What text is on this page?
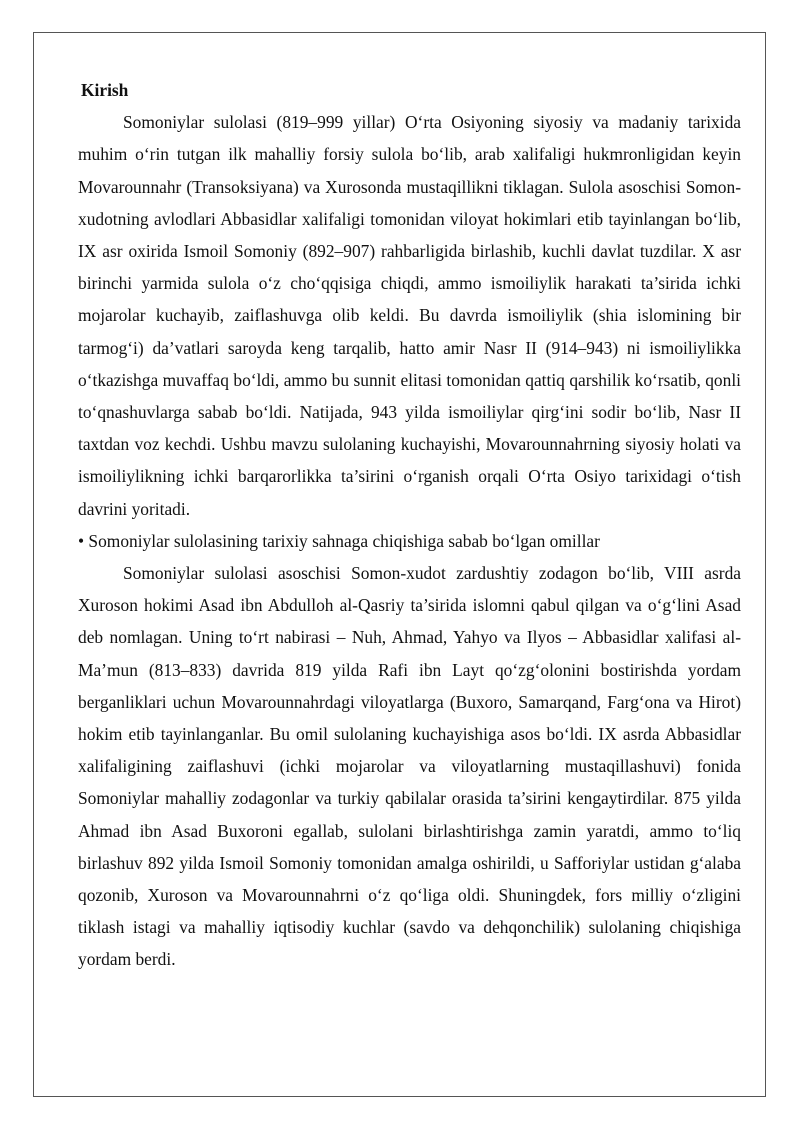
Kirish

Somoniylar sulolasi (819–999 yillar) O‘rta Osiyoning siyosiy va madaniy tarixida muhim o‘rin tutgan ilk mahalliy forsiy sulola bo‘lib, arab xalifaligi hukmronligidan keyin Movarounnahr (Transoksiyana) va Xurosonda mustaqillikni tiklagan. Sulola asoschisi Somon-xudotning avlodlari Abbasidlar xalifaligi tomonidan viloyat hokimlari etib tayinlangan bo‘lib, IX asr oxirida Ismoil Somoniy (892–907) rahbarligida birlashib, kuchli davlat tuzdilar. X asr birinchi yarmida sulola o‘z cho‘qqisiga chiqdi, ammo ismoiliylik harakati ta’sirida ichki mojarolar kuchayib, zaiflashuvga olib keldi. Bu davrda ismoiliylik (shia islomining bir tarmog‘i) da’vatlari saroyda keng tarqalib, hatto amir Nasr II (914–943) ni ismoiliylikka o‘tkazishga muvaffaq bo‘ldi, ammo bu sunnit elitasi tomonidan qattiq qarshilik ko‘rsatib, qonli to‘qnashuvlarga sabab bo‘ldi. Natijada, 943 yilda ismoiliylar qirg‘ini sodir bo‘lib, Nasr II taxtdan voz kechdi. Ushbu mavzu sulolaning kuchayishi, Movarounnahrning siyosiy holati va ismoiliylikning ichki barqarorlikka ta’sirini o‘rganish orqali O‘rta Osiyo tarixidagi o‘tish davrini yoritadi.

• Somoniylar sulolasining tarixiy sahnaga chiqishiga sabab bo‘lgan omillar

Somoniylar sulolasi asoschisi Somon-xudot zardushtiy zodagon bo‘lib, VIII asrda Xuroson hokimi Asad ibn Abdulloh al-Qasriy ta’sirida islomni qabul qilgan va o‘g‘lini Asad deb nomlagan. Uning to‘rt nabirasi – Nuh, Ahmad, Yahyo va Ilyos – Abbasidlar xalifasi al-Ma’mun (813–833) davrida 819 yilda Rafi ibn Layt qo‘zg‘olonini bostirishda yordam berganliklari uchun Movarounnahrdagi viloyatlarga (Buxoro, Samarqand, Farg‘ona va Hirot) hokim etib tayinlanganlar. Bu omil sulolaning kuchayishiga asos bo‘ldi. IX asrda Abbasidlar xalifaligining zaiflashuvi (ichki mojarolar va viloyatlarning mustaqillashuvi) fonida Somoniylar mahalliy zodagonlar va turkiy qabilalar orasida ta’sirini kengaytirdilar. 875 yilda Ahmad ibn Asad Buxoroni egallab, sulolani birlashtirishga zamin yaratdi, ammo to‘liq birlashuv 892 yilda Ismoil Somoniy tomonidan amalga oshirildi, u Safforiylar ustidan g‘alaba qozonib, Xuroson va Movarounnahrni o‘z qo‘liga oldi. Shuningdek, fors milliy o‘zligini tiklash istagi va mahalliy iqtisodiy kuchlar (savdo va dehqonchilik) sulolaning chiqishiga yordam berdi.
